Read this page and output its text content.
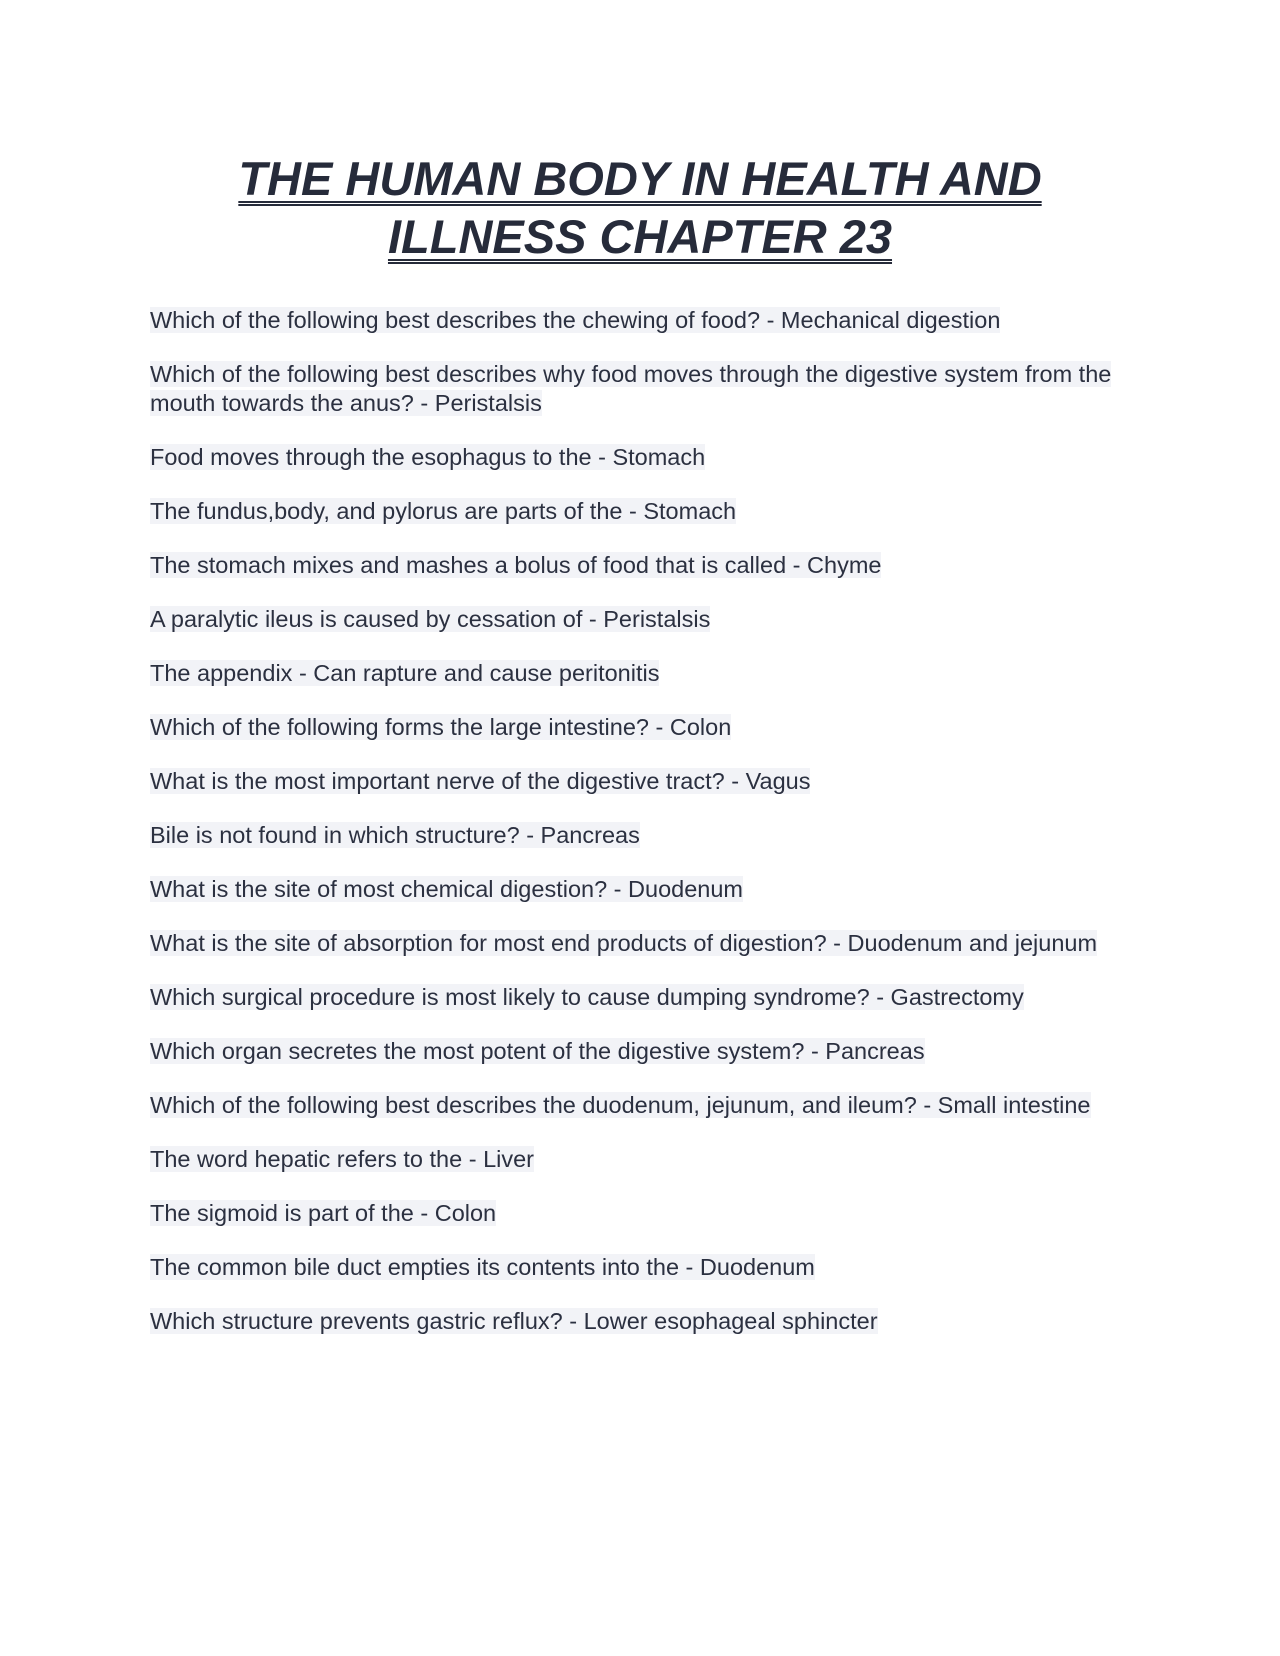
THE HUMAN BODY IN HEALTH AND ILLNESS CHAPTER 23
Which of the following best describes the chewing of food? - Mechanical digestion
Which of the following best describes why food moves through the digestive system from the mouth towards the anus? - Peristalsis
Food moves through the esophagus to the - Stomach
The fundus,body, and pylorus are parts of the - Stomach
The stomach mixes and mashes a bolus of food that is called - Chyme
A paralytic ileus is caused by cessation of - Peristalsis
The appendix - Can rapture and cause peritonitis
Which of the following forms the large intestine? - Colon
What is the most important nerve of the digestive tract? - Vagus
Bile is not found in which structure? - Pancreas
What is the site of most chemical digestion? - Duodenum
What is the site of absorption for most end products of digestion? - Duodenum and jejunum
Which surgical procedure is most likely to cause dumping syndrome? - Gastrectomy
Which organ secretes the most potent of the digestive system? - Pancreas
Which of the following best describes the duodenum, jejunum, and ileum? - Small intestine
The word hepatic refers to the - Liver
The sigmoid is part of the - Colon
The common bile duct empties its contents into the - Duodenum
Which structure prevents gastric reflux? - Lower esophageal sphincter
